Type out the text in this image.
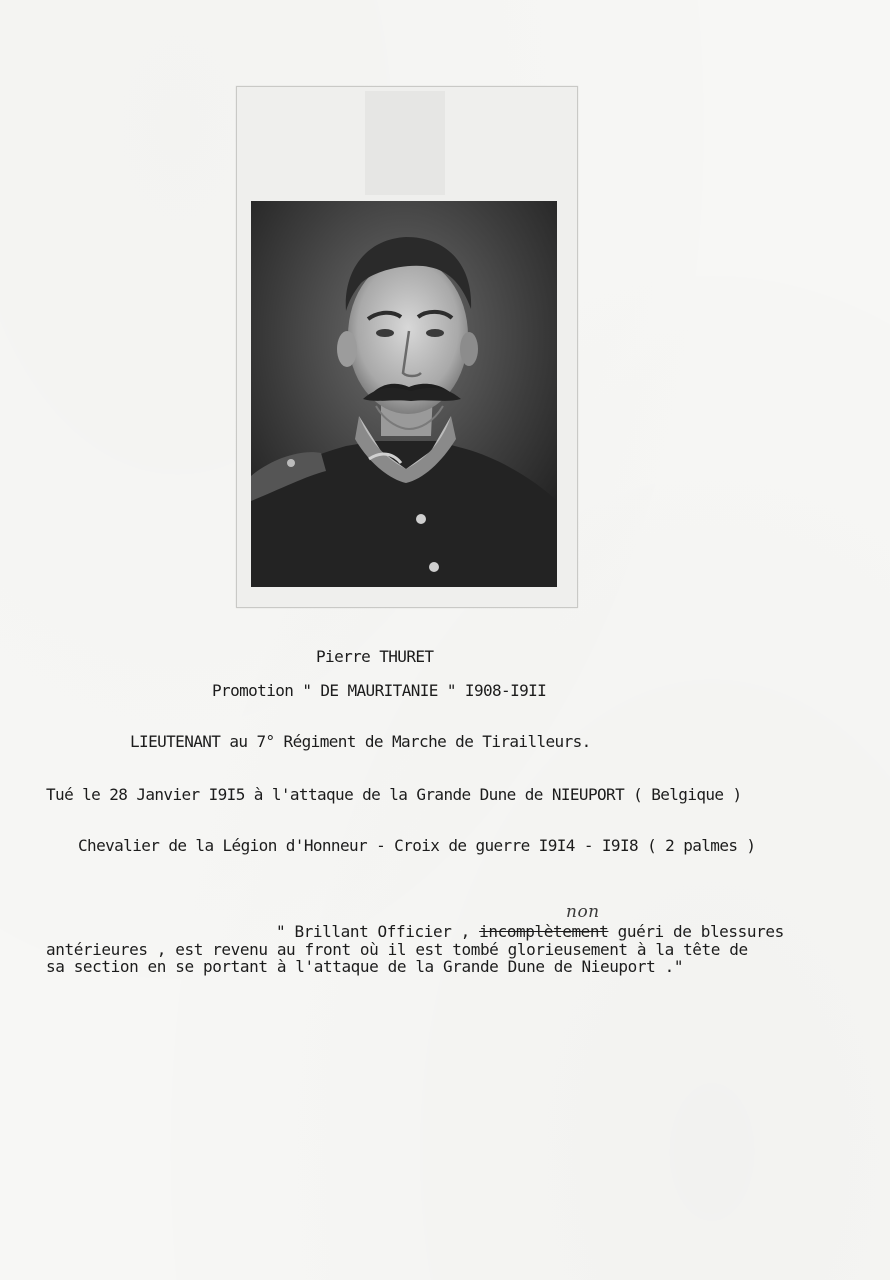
Pierre THURET
Promotion " DE MAURITANIE " I908-I9II
LIEUTENANT au 7° Régiment de Marche de Tirailleurs.
Tué le 28 Janvier I9I5 à l'attaque de la Grande Dune de NIEUPORT ( Belgique )
Chevalier de la Légion d'Honneur - Croix de guerre I9I4 - I9I8 ( 2 palmes )
non
" Brillant Officier , incomplètement guéri de blessures
antérieures , est revenu au front où il est tombé glorieusement à la tête de
sa section en se portant à l'attaque de la Grande Dune de Nieuport ."
